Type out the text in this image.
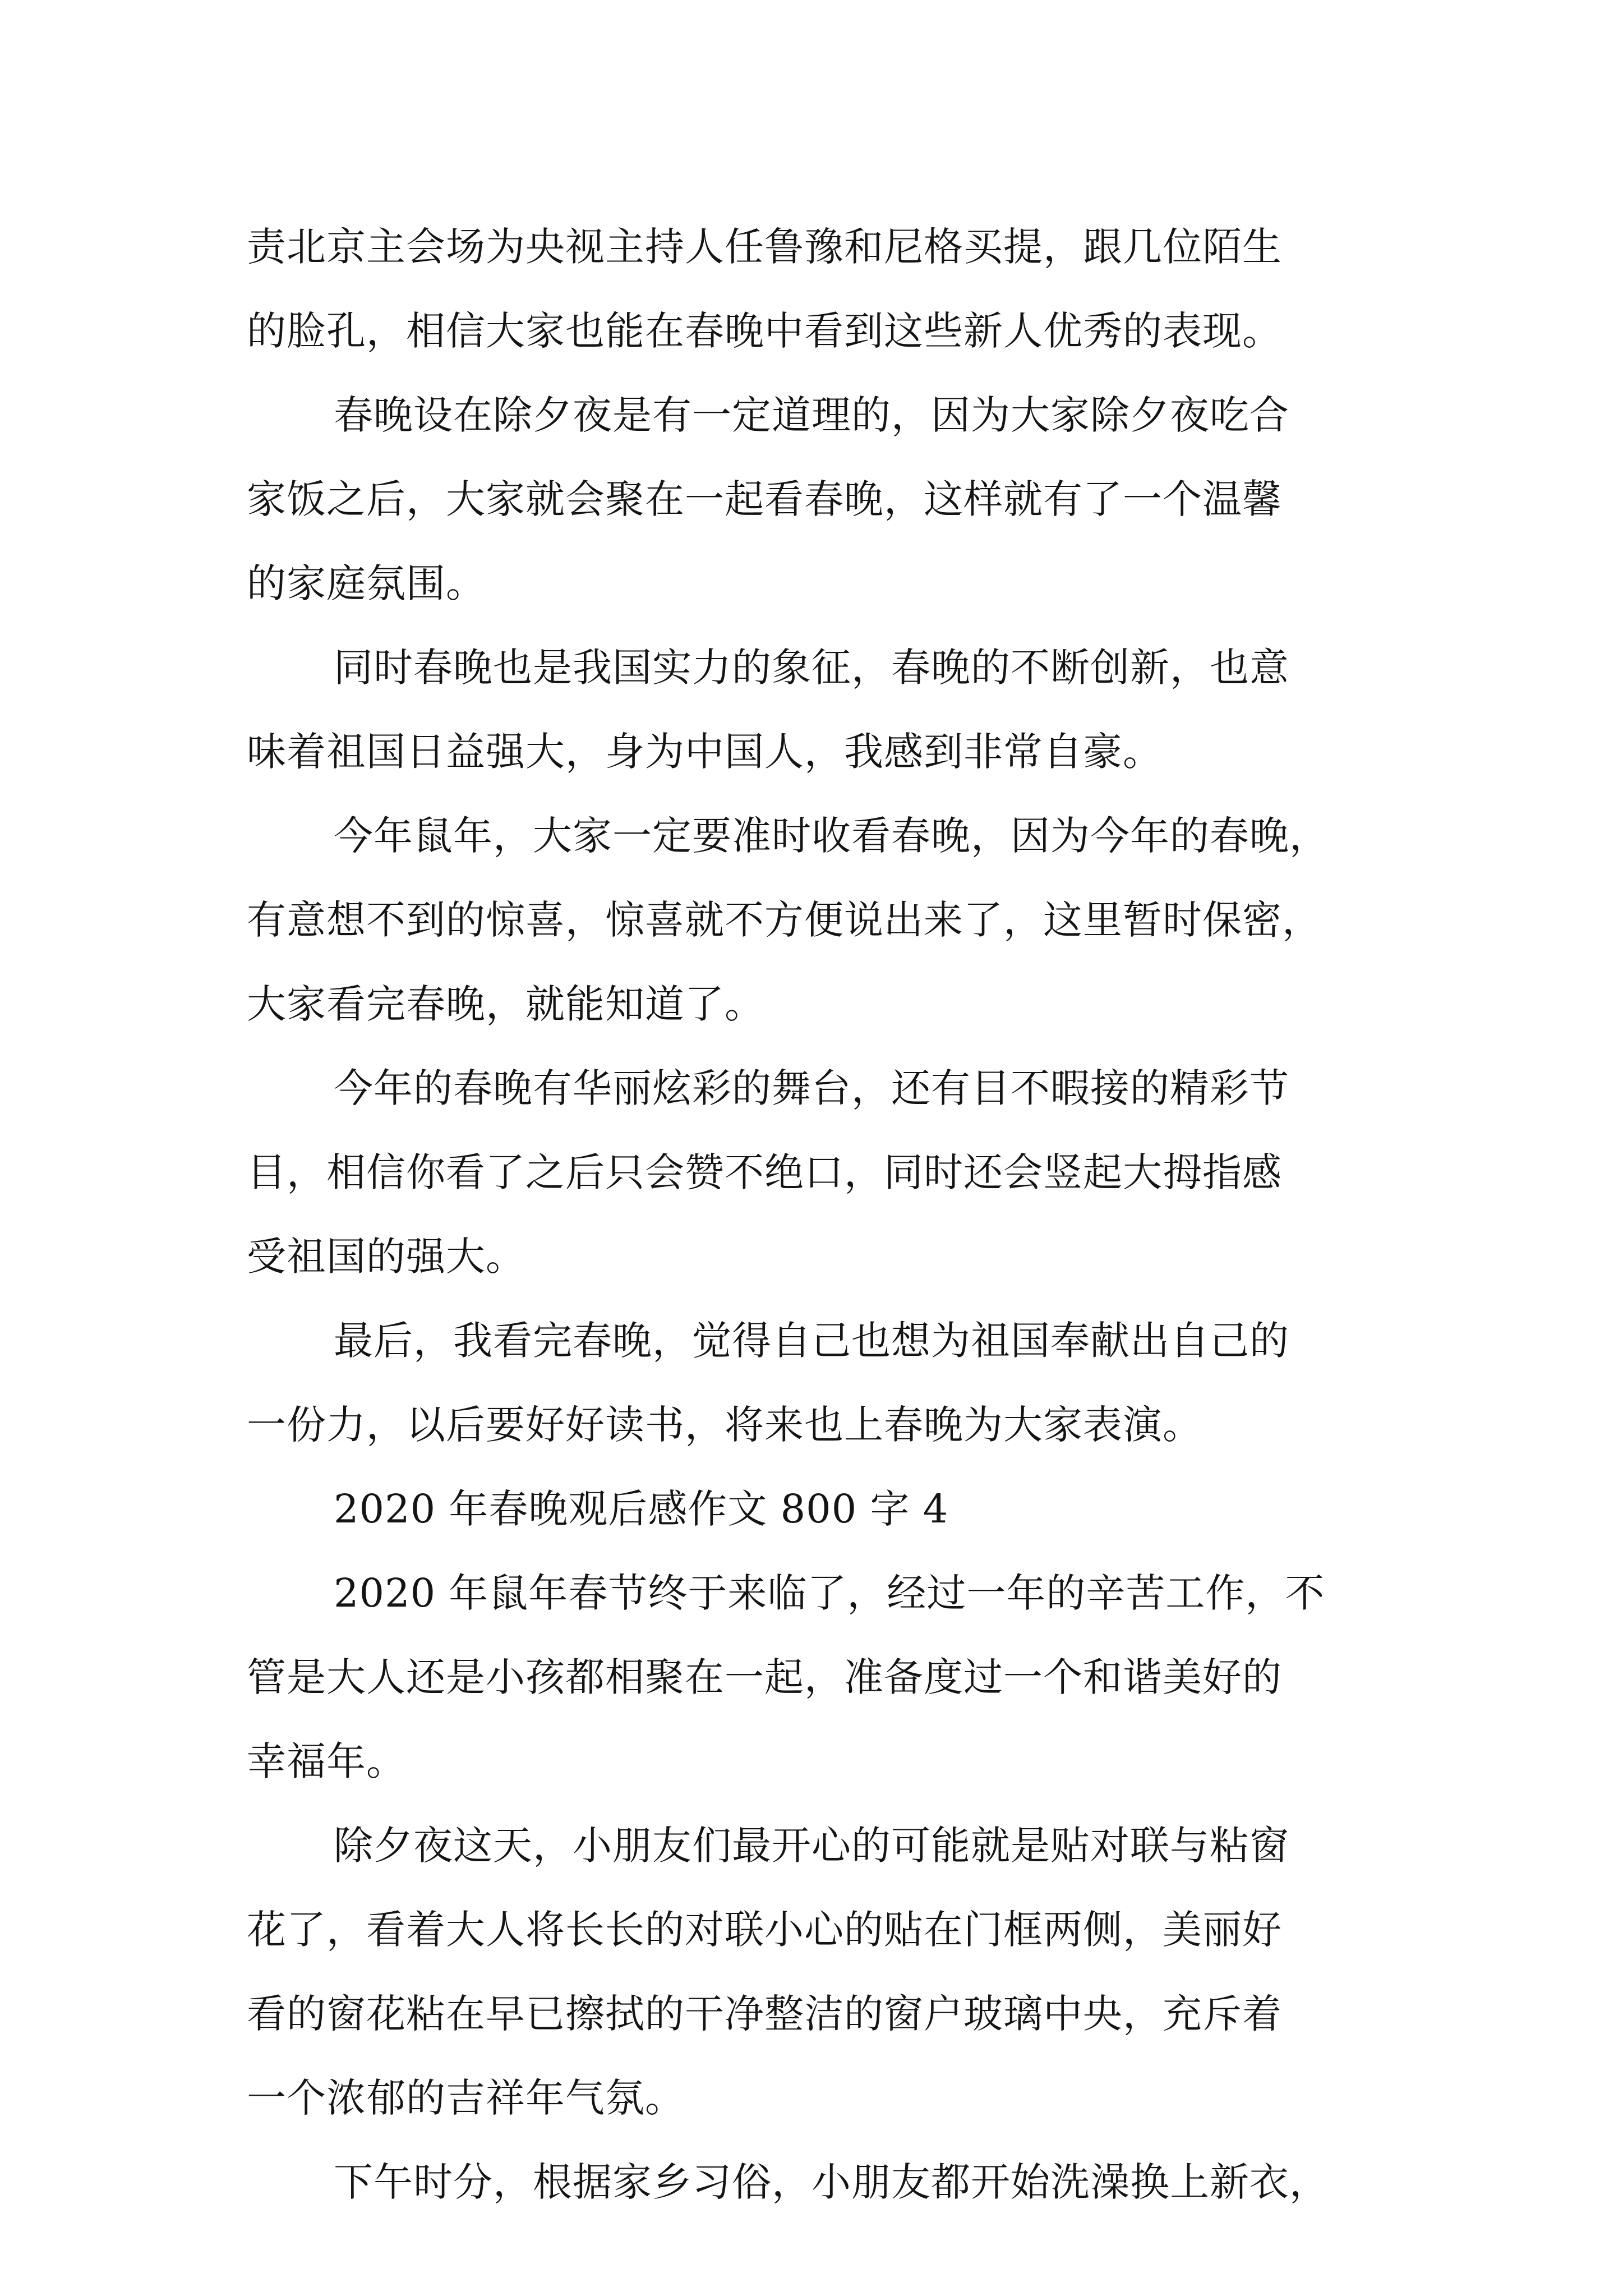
责北京主会场为央视主持人任鲁豫和尼格买提，跟几位陌生
的脸孔，相信大家也能在春晚中看到这些新人优秀的表现。
春晚设在除夕夜是有一定道理的，因为大家除夕夜吃合
家饭之后，大家就会聚在一起看春晚，这样就有了一个温馨
的家庭氛围。
同时春晚也是我国实力的象征，春晚的不断创新，也意
味着祖国日益强大，身为中国人，我感到非常自豪。
今年鼠年，大家一定要准时收看春晚，因为今年的春晚，
有意想不到的惊喜，惊喜就不方便说出来了，这里暂时保密，
大家看完春晚，就能知道了。
今年的春晚有华丽炫彩的舞台，还有目不暇接的精彩节
目，相信你看了之后只会赞不绝口，同时还会竖起大拇指感
受祖国的强大。
最后，我看完春晚，觉得自己也想为祖国奉献出自己的
一份力，以后要好好读书，将来也上春晚为大家表演。
2020 年春晚观后感作文 800 字 4
2020 年鼠年春节终于来临了，经过一年的辛苦工作，不
管是大人还是小孩都相聚在一起，准备度过一个和谐美好的
幸福年。
除夕夜这天，小朋友们最开心的可能就是贴对联与粘窗
花了，看着大人将长长的对联小心的贴在门框两侧，美丽好
看的窗花粘在早已擦拭的干净整洁的窗户玻璃中央，充斥着
一个浓郁的吉祥年气氛。
下午时分，根据家乡习俗，小朋友都开始洗澡换上新衣，
